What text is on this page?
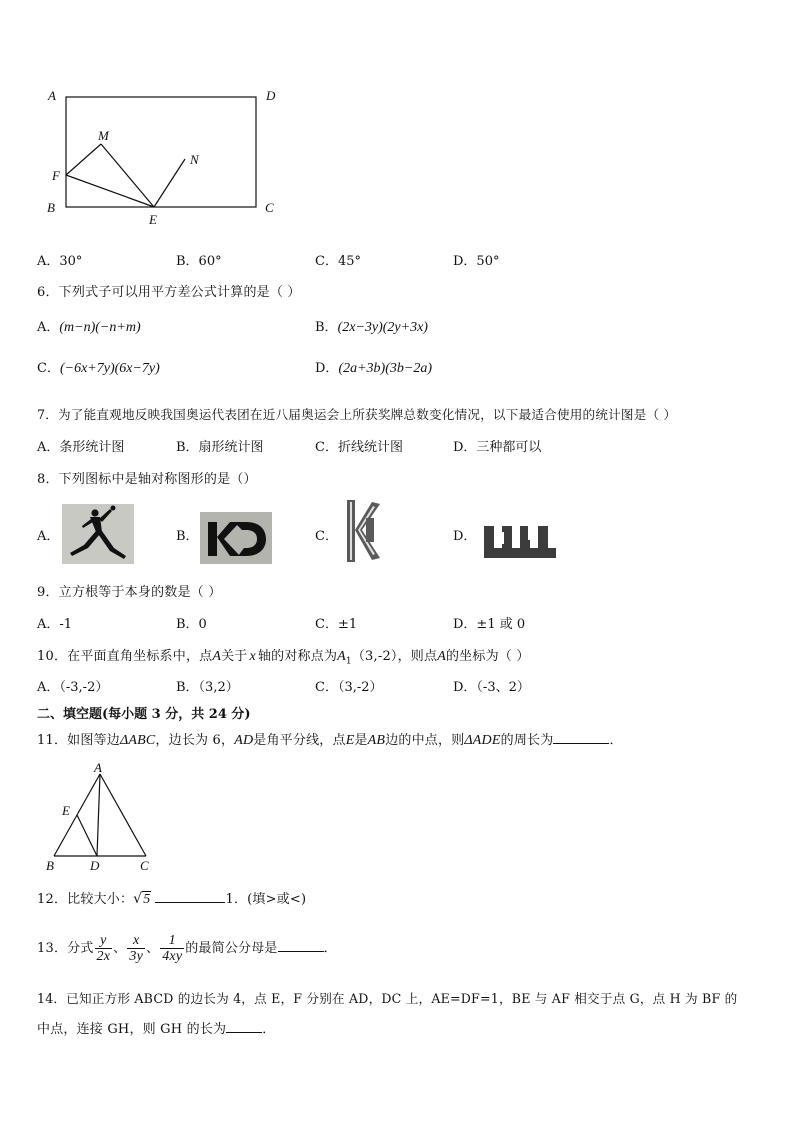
A	D
M
N
F
B
E
C
A．30°	B．60°	C．45°	D．50°
6．下列式子可以用平方差公式计算的是（ ）
A．(m−n)(−n+m)	B．(2x−3y)(2y+3x)
C．(−6x+7y)(6x−7y)	D．(2a+3b)(3b−2a)
7．为了能直观地反映我国奥运代表团在近八届奥运会上所获奖牌总数变化情况，以下最适合使用的统计图是（ ）
A．条形统计图	B．扇形统计图	C．折线统计图	D．三种都可以
8．下列图标中是轴对称图形的是（）
A．	B．	C．	D．
9．立方根等于本身的数是（ ）
A．-1	B．0	C．±1	D．±1 或 0
10．在平面直角坐标系中，点A关于 x 轴的对称点为$A_1(3,-2)$，则点A的坐标为（ ）
A．（-3,-2）	B．（3,2）	C．（3,-2）	D．（-3、2）
二、填空题(每小题 3 分，共 24 分)
11．如图等边ΔABC，边长为 6，AD是角平分线，点E是AB边的中点，则ΔADE的周长为	．
A
E
B	D	C
12．比较大小：√5	1．(填>或<)
13．分式 $\frac{y}{2x}$ 、 $\frac{x}{3y}$ 、 $\frac{1}{4xy}$ 的最简公分母是	．
14．已知正方形 ABCD 的边长为 4，点 E，F 分别在 AD，DC 上，AE=DF=1，BE 与 AF 相交于点 G，点 H 为 BF 的
中点，连接 GH，则 GH 的长为	．
